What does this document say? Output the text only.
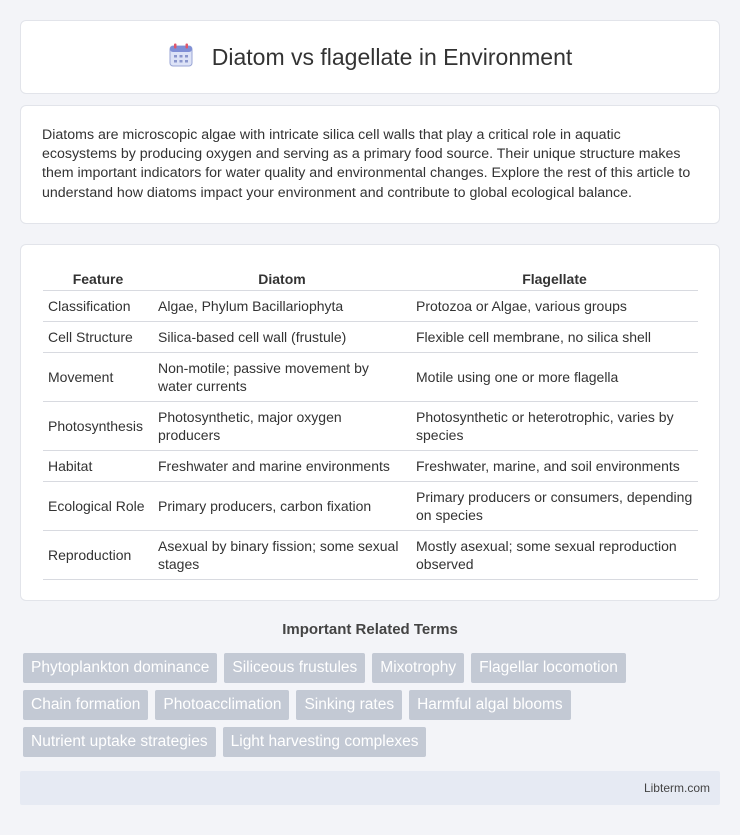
Diatom vs flagellate in Environment

Diatoms are microscopic algae with intricate silica cell walls that play a critical role in aquatic ecosystems by producing oxygen and serving as a primary food source. Their unique structure makes them important indicators for water quality and environmental changes. Explore the rest of this article to understand how diatoms impact your environment and contribute to global ecological balance.

Feature	Diatom	Flagellate
Classification	Algae, Phylum Bacillariophyta	Protozoa or Algae, various groups
Cell Structure	Silica-based cell wall (frustule)	Flexible cell membrane, no silica shell
Movement	Non-motile; passive movement by water currents	Motile using one or more flagella
Photosynthesis	Photosynthetic, major oxygen producers	Photosynthetic or heterotrophic, varies by species
Habitat	Freshwater and marine environments	Freshwater, marine, and soil environments
Ecological Role	Primary producers, carbon fixation	Primary producers or consumers, depending on species
Reproduction	Asexual by binary fission; some sexual stages	Mostly asexual; some sexual reproduction observed
Important Related Terms
Phytoplankton dominance	Siliceous frustules	Mixotrophy	Flagellar locomotion
Chain formation	Photoacclimation	Sinking rates	Harmful algal blooms
Nutrient uptake strategies	Light harvesting complexes
Libterm.com
